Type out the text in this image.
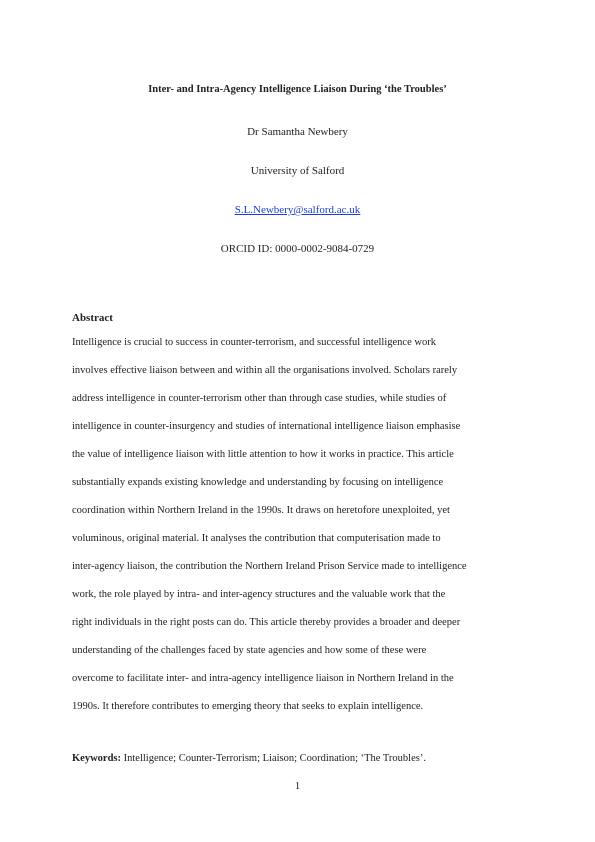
Inter- and Intra-Agency Intelligence Liaison During ‘the Troubles’
Dr Samantha Newbery
University of Salford
S.L.Newbery@salford.ac.uk
ORCID ID: 0000-0002-9084-0729
Abstract
Intelligence is crucial to success in counter-terrorism, and successful intelligence work
involves effective liaison between and within all the organisations involved. Scholars rarely
address intelligence in counter-terrorism other than through case studies, while studies of
intelligence in counter-insurgency and studies of international intelligence liaison emphasise
the value of intelligence liaison with little attention to how it works in practice. This article
substantially expands existing knowledge and understanding by focusing on intelligence
coordination within Northern Ireland in the 1990s. It draws on heretofore unexploited, yet
voluminous, original material. It analyses the contribution that computerisation made to
inter-agency liaison, the contribution the Northern Ireland Prison Service made to intelligence
work, the role played by intra- and inter-agency structures and the valuable work that the
right individuals in the right posts can do. This article thereby provides a broader and deeper
understanding of the challenges faced by state agencies and how some of these were
overcome to facilitate inter- and intra-agency intelligence liaison in Northern Ireland in the
1990s. It therefore contributes to emerging theory that seeks to explain intelligence.
Keywords: Intelligence; Counter-Terrorism; Liaison; Coordination; ‘The Troubles’.
1
